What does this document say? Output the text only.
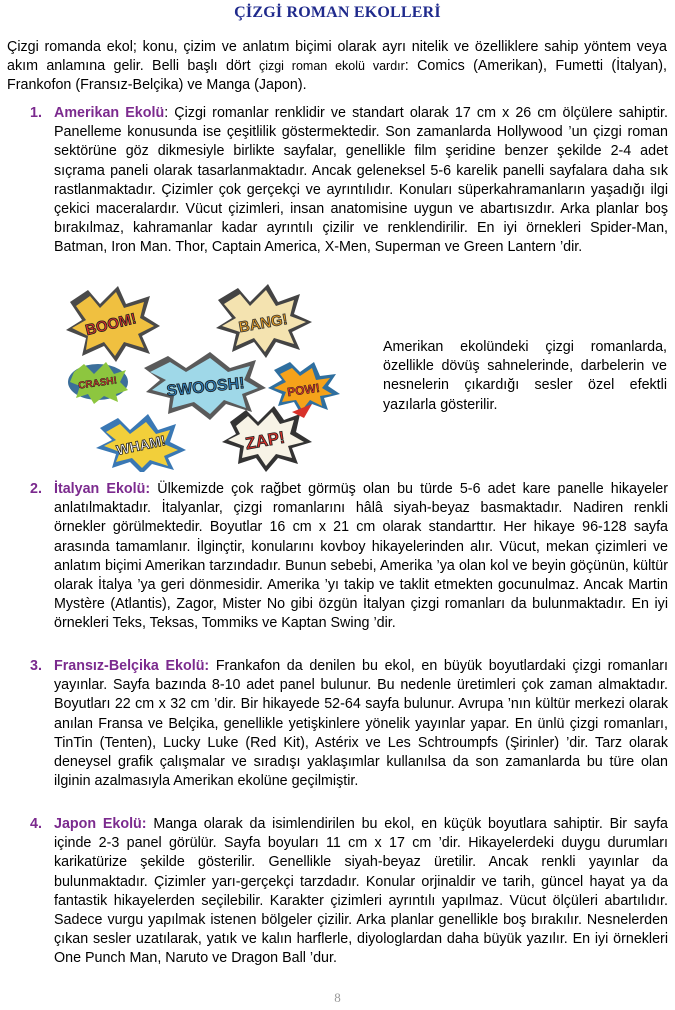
ÇİZGİ ROMAN EKOLLERİ

Çizgi romanda ekol; konu, çizim ve anlatım biçimi olarak ayrı nitelik ve özelliklere sahip yöntem veya akım anlamına gelir. Belli başlı dört çizgi roman ekolü vardır: Comics (Amerikan), Fumetti (İtalyan), Frankofon (Fransız-Belçika) ve Manga (Japon).

1. Amerikan Ekolü: Çizgi romanlar renklidir ve standart olarak 17 cm x 26 cm ölçülere sahiptir. Panelleme konusunda ise çeşitlilik göstermektedir. Son zamanlarda Hollywood ’un çizgi roman sektörüne göz dikmesiyle birlikte sayfalar, genellikle film şeridine benzer şekilde 2-4 adet sıçrama paneli olarak tasarlanmaktadır. Ancak geleneksel 5-6 karelik panelli sayfalara daha sık rastlanmaktadır. Çizimler çok gerçekçi ve ayrıntılıdır. Konuları süperkahramanların yaşadığı ilgi çekici maceralardır. Vücut çizimleri, insan anatomisine uygun ve abartısızdır. Arka planlar boş bırakılmaz, kahramanlar kadar ayrıntılı çizilir ve renklendirilir. En iyi örnekleri Spider-Man, Batman, Iron Man. Thor, Captain America, X-Men, Superman ve Green Lantern ’dir.
BOOM!	BANG!
CRASH!	SWOOSH!	POW!
WHAM!	ZAP!

Amerikan ekolündeki çizgi romanlarda, özellikle dövüş sahnelerinde, darbelerin ve nesnelerin çıkardığı sesler özel efektli yazılarla gösterilir.

2. İtalyan Ekolü: Ülkemizde çok rağbet görmüş olan bu türde 5-6 adet kare panelle hikayeler anlatılmaktadır. İtalyanlar, çizgi romanlarını hâlâ siyah-beyaz basmaktadır. Nadiren renkli örnekler görülmektedir. Boyutlar 16 cm x 21 cm olarak standarttır. Her hikaye 96-128 sayfa arasında tamamlanır. İlginçtir, konularını kovboy hikayelerinden alır. Vücut, mekan çizimleri ve anlatım biçimi Amerikan tarzındadır. Bunun sebebi, Amerika ’ya olan kol ve beyin göçünün, kültür olarak İtalya ’ya geri dönmesidir. Amerika ’yı takip ve taklit etmekten gocunulmaz. Ancak Martin Mystère (Atlantis), Zagor, Mister No gibi özgün İtalyan çizgi romanları da bulunmaktadır. En iyi örnekleri Teks, Teksas, Tommiks ve Kaptan Swing ’dir.
3. Fransız-Belçika Ekolü: Frankafon da denilen bu ekol, en büyük boyutlardaki çizgi romanları yayınlar. Sayfa bazında 8-10 adet panel bulunur. Bu nedenle üretimleri çok zaman almaktadır. Boyutları 22 cm x 32 cm ’dir. Bir hikayede 52-64 sayfa bulunur. Avrupa ’nın kültür merkezi olarak anılan Fransa ve Belçika, genellikle yetişkinlere yönelik yayınlar yapar. En ünlü çizgi romanları, TinTin (Tenten), Lucky Luke (Red Kit), Astérix ve Les Schtroumpfs (Şirinler) ’dir. Tarz olarak deneysel grafik çalışmalar ve sıradışı yaklaşımlar kullanılsa da son zamanlarda bu türe olan ilginin azalmasıyla Amerikan ekolüne geçilmiştir.
4. Japon Ekolü: Manga olarak da isimlendirilen bu ekol, en küçük boyutlara sahiptir. Bir sayfa içinde 2-3 panel görülür. Sayfa boyuları 11 cm x 17 cm ’dir. Hikayelerdeki duygu durumları karikatürize şekilde gösterilir. Genellikle siyah-beyaz üretilir. Ancak renkli yayınlar da bulunmaktadır. Çizimler yarı-gerçekçi tarzdadır. Konular orjinaldir ve tarih, güncel hayat ya da fantastik hikayelerden seçilebilir. Karakter çizimleri ayrıntılı yapılmaz. Vücut ölçüleri abartılıdır. Sadece vurgu yapılmak istenen bölgeler çizilir. Arka planlar genellikle boş bırakılır. Nesnelerden çıkan sesler uzatılarak, yatık ve kalın harflerle, diyologlardan daha büyük yazılır. En iyi örnekleri One Punch Man, Naruto ve Dragon Ball ’dur.
8
